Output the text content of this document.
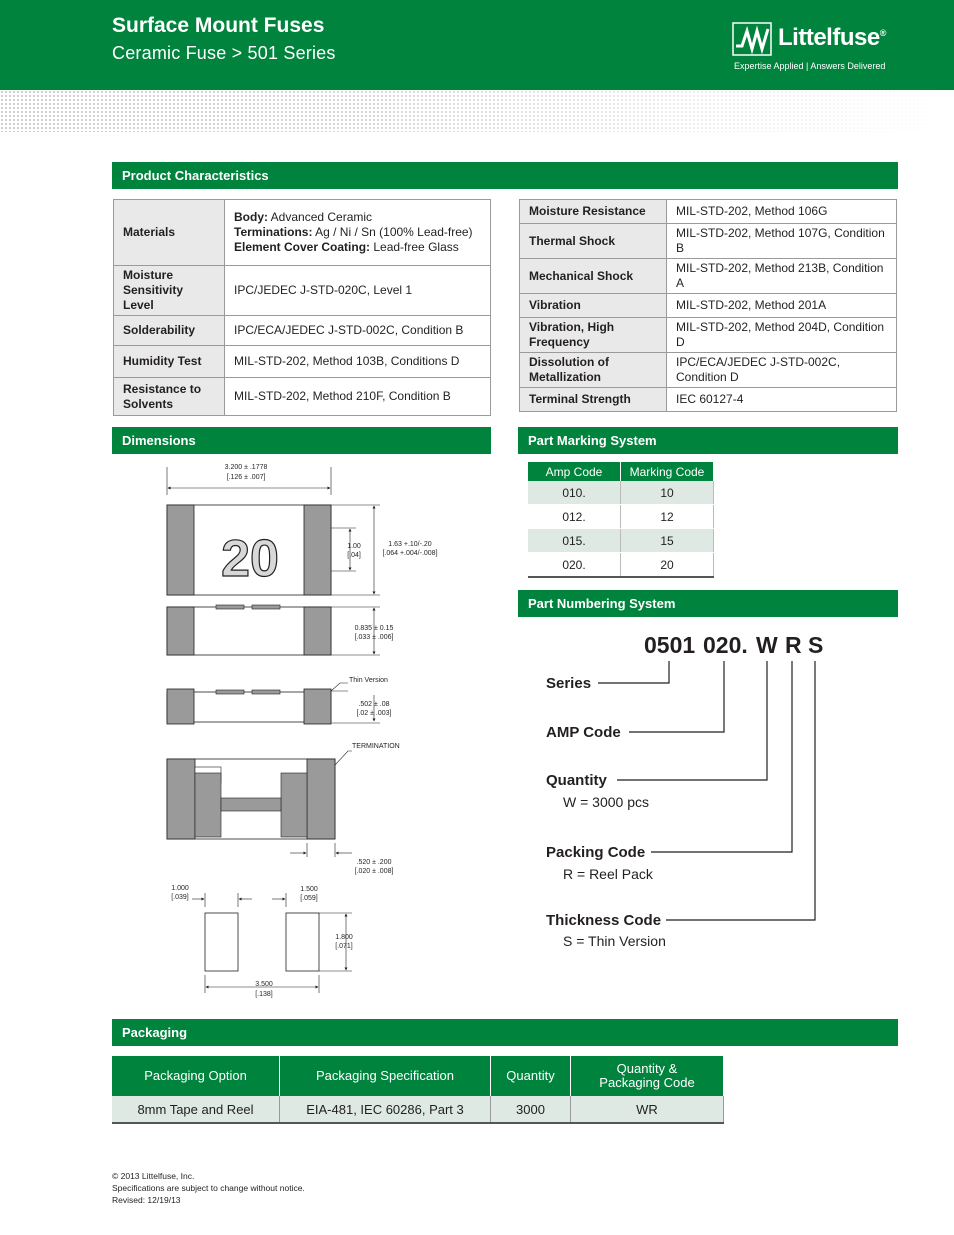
Surface Mount Fuses
Ceramic Fuse > 501 Series
Littelfuse®
Expertise Applied | Answers Delivered
Product Characteristics
Materials	Body: Advanced Ceramic
Terminations: Ag / Ni / Sn (100% Lead-free)
Element Cover Coating: Lead-free Glass
Moisture Sensitivity Level	IPC/JEDEC J-STD-020C, Level 1
Solderability	IPC/ECA/JEDEC J-STD-002C, Condition B
Humidity Test	MIL-STD-202, Method 103B, Conditions D
Resistance to Solvents	MIL-STD-202, Method 210F, Condition B
Moisture Resistance	MIL-STD-202, Method 106G
Thermal Shock	MIL-STD-202, Method 107G, Condition B
Mechanical Shock	MIL-STD-202, Method 213B, Condition A
Vibration	MIL-STD-202, Method 201A
Vibration, High Frequency	MIL-STD-202, Method 204D, Condition D
Dissolution of Metallization	IPC/ECA/JEDEC J-STD-002C, Condition D
Terminal Strength	IEC 60127-4
Dimensions
3.200 ± .1778
[.126 ± .007]
20	1.00
[.04]
1.63 +.10/-.20
[.064 +.004/-.008]
0.835 ± 0.15
[.033 ± .006]
Thin Version
.502 ± .08
[.02 ± .003]
TERMINATION
.520 ± .200
[.020 ± .008]
1.000
[.039]
1.500
[.059]
1.800
[.071]
3.500
[.138]
Part Marking System
Amp Code	Marking Code
010.	10
012.	12
015.	15
020.	20
Part Numbering System
0501 020. W R S
Series
AMP Code
Quantity
W = 3000 pcs
Packing Code
R = Reel Pack
Thickness Code
S = Thin Version
Packaging
Packaging Option	Packaging Specification	Quantity	Quantity &
Packaging Code
8mm Tape and Reel	EIA-481, IEC 60286, Part 3	3000	WR
© 2013 Littelfuse, Inc.
Specifications are subject to change without notice.
Revised: 12/19/13
